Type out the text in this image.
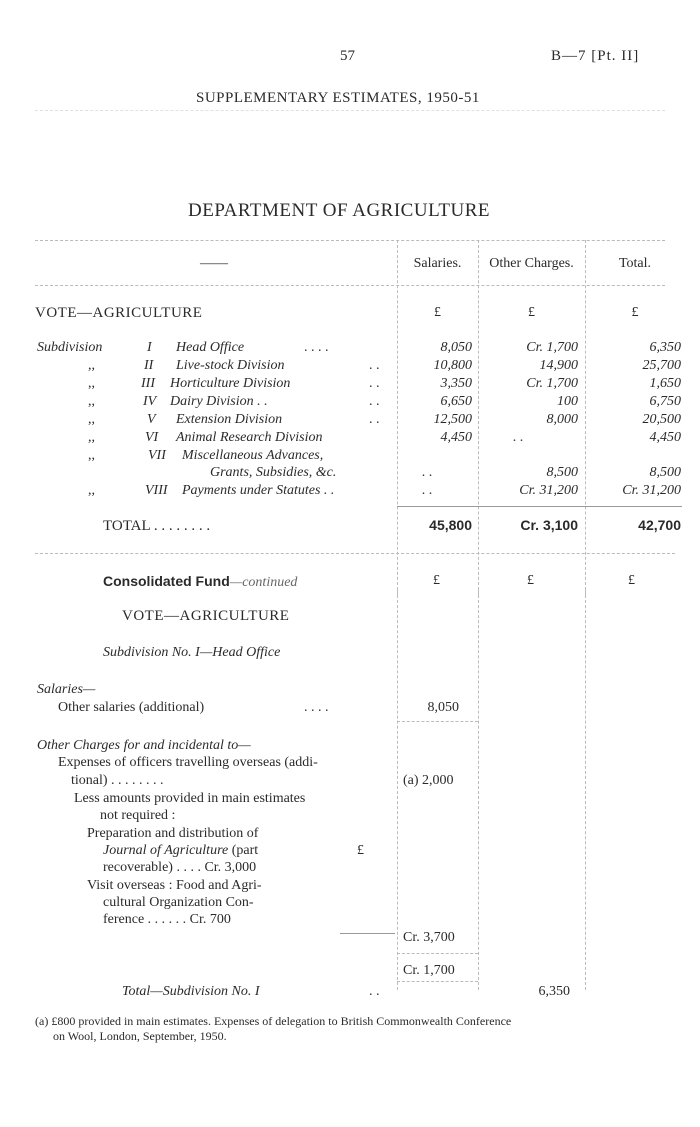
57	B—7 [Pt. II]
SUPPLEMENTARY ESTIMATES, 1950-51
DEPARTMENT OF AGRICULTURE
——	Salaries.	Other Charges.	Total.
VOTE—AGRICULTURE	£	£	£
Subdivision	I Head Office	. . . .	8,050	Cr. 1,700	6,350
,,	II Live-stock Division	. .	10,800	14,900	25,700
,,	III Horticulture Division	. .	3,350	Cr. 1,700	1,650
,,	IV Dairy Division . .	. .	6,650	100	6,750
,,	V Extension Division	. .	12,500	8,000	20,500
,,	VI Animal Research Division	4,450	. .	4,450
,,	VII Miscellaneous Advances,
Grants, Subsidies, &c.	. .	8,500	8,500
,,	VIII Payments under Statutes . .	. .	Cr. 31,200	Cr. 31,200
TOTAL . . . . . . . .	45,800	Cr. 3,100	42,700
Consolidated Fund—continued	£	£	£
VOTE—AGRICULTURE
Subdivision No. I—Head Office
Salaries—
Other salaries (additional)	. . . .	8,050
Other Charges for and incidental to—
Expenses of officers travelling overseas (addi-
tional) . . . . . . . .	(a) 2,000
Less amounts provided in main estimates
not required :
Preparation and distribution of
Journal of Agriculture (part	£
recoverable) . . . . Cr. 3,000
Visit overseas : Food and Agri-
cultural Organization Con-
ference . . . . . . Cr. 700
Cr. 3,700
Cr. 1,700
Total—Subdivision No. I	. .	6,350
(a) £800 provided in main estimates. Expenses of delegation to British Commonwealth Conference
on Wool, London, September, 1950.
